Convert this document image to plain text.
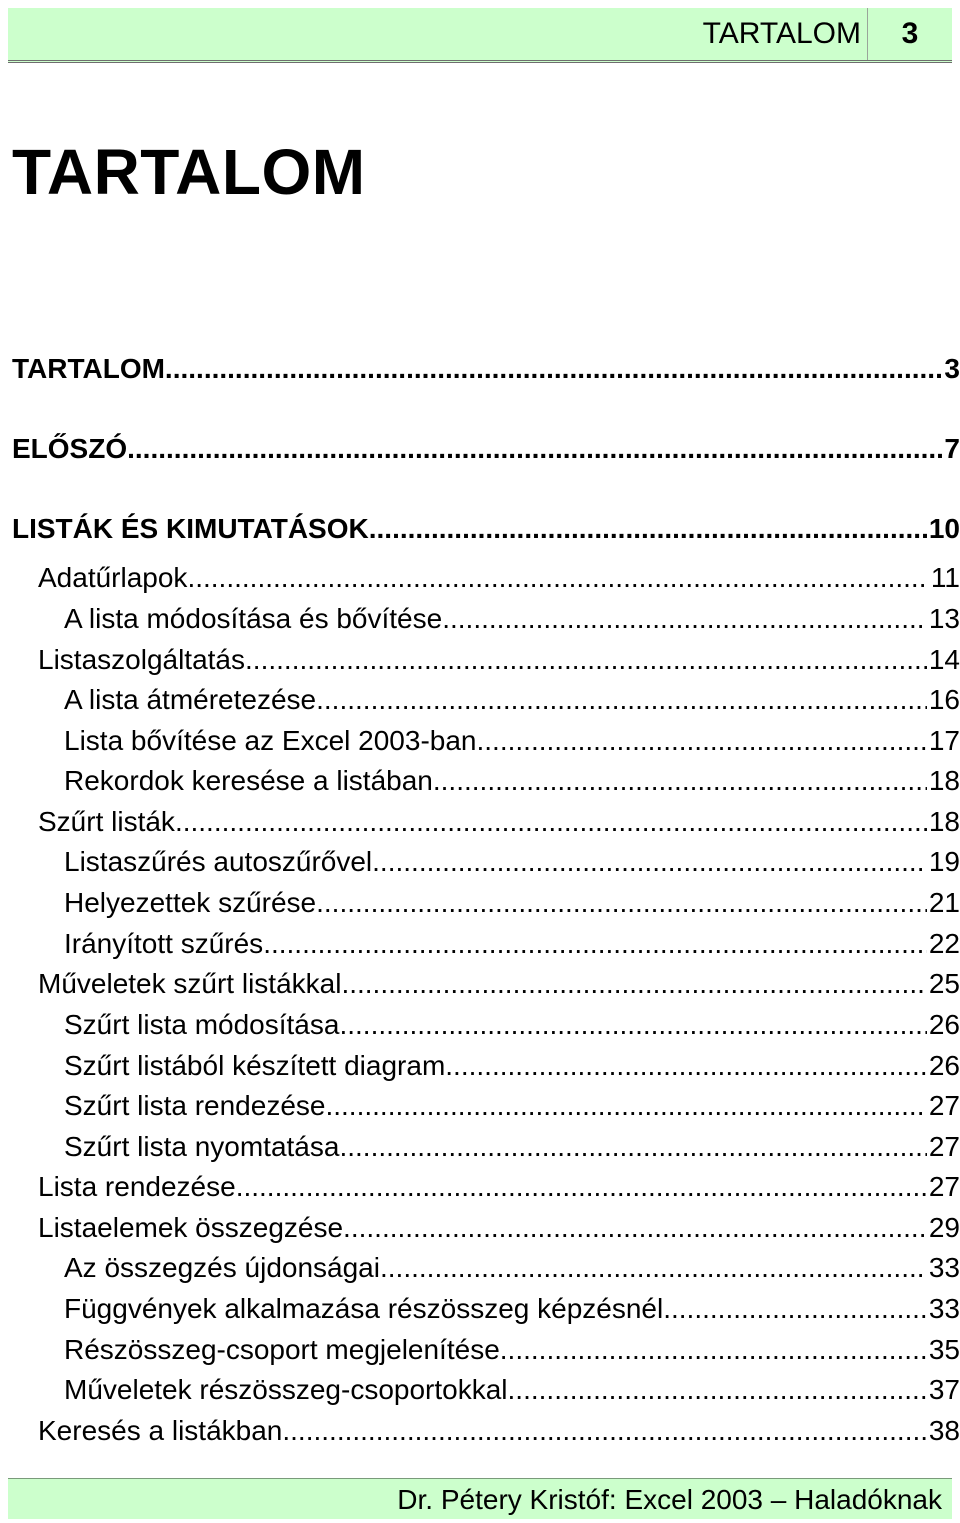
TARTALOM	3
TARTALOM
TARTALOM .....	3
ELŐSZÓ .....	7
LISTÁK ÉS KIMUTATÁSOK .....	10
Adatűrlapok .....	11
A lista módosítása és bővítése .....	13
Listaszolgáltatás .....	14
A lista átméretezése .....	16
Lista bővítése az Excel 2003-ban .....	17
Rekordok keresése a listában .....	18
Szűrt listák .....	18
Listaszűrés autoszűrővel .....	19
Helyezettek szűrése .....	21
Irányított szűrés .....	22
Műveletek szűrt listákkal .....	25
Szűrt lista módosítása .....	26
Szűrt listából készített diagram .....	26
Szűrt lista rendezése .....	27
Szűrt lista nyomtatása .....	27
Lista rendezése .....	27
Listaelemek összegzése .....	29
Az összegzés újdonságai .....	33
Függvények alkalmazása részösszeg képzésnél .....	33
Részösszeg-csoport megjelenítése .....	35
Műveletek részösszeg-csoportokkal .....	37
Keresés a listákban .....	38
Dr. Pétery Kristóf: Excel 2003 – Haladóknak
